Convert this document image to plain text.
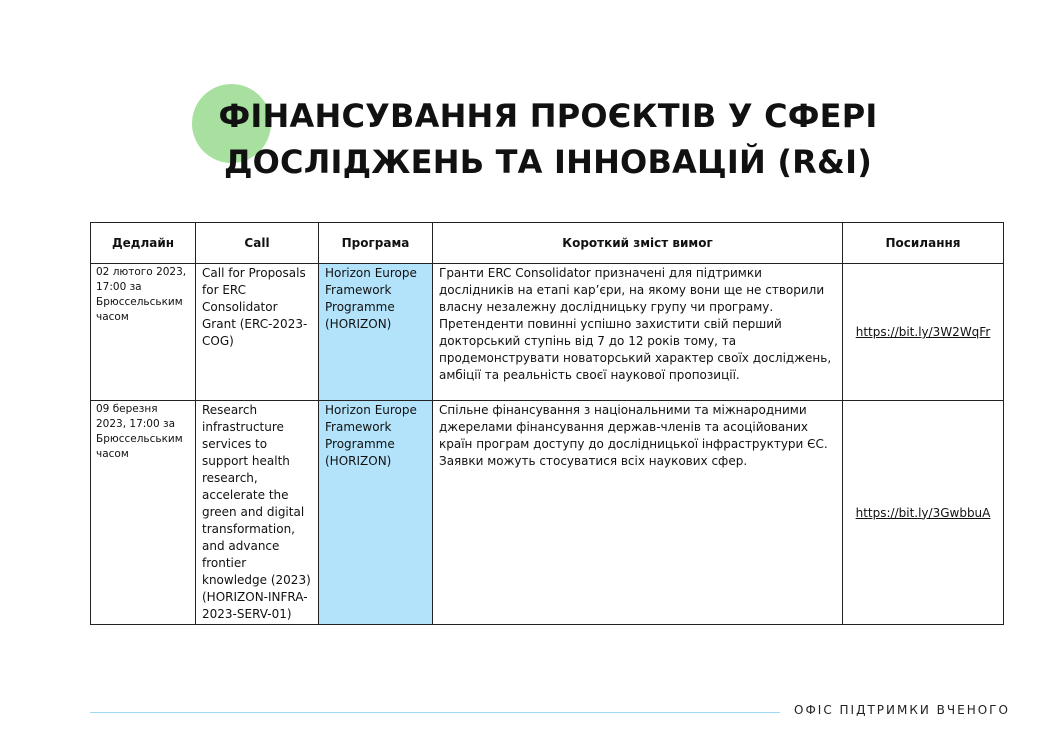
ФІНАНСУВАННЯ ПРОЄКТІВ У СФЕРІ
ДОСЛІДЖЕНЬ ТА ІННОВАЦІЙ (R&I)
Дедлайн	Call	Програма	Короткий зміст вимог	Посилання
02 лютого 2023, 17:00 за Брюссельським часом	Call for Proposals for ERC Consolidator Grant (ERC-2023-COG)	Horizon Europe Framework Programme (HORIZON)	Гранти ERC Consolidator призначені для підтримки дослідників на етапі кар’єри, на якому вони ще не створили власну незалежну дослідницьку групу чи програму. Претенденти повинні успішно захистити свій перший докторський ступінь від 7 до 12 років тому, та продемонструвати новаторський характер своїх досліджень, амбіції та реальність своєї наукової пропозиції.	https://bit.ly/3W2WqFr
09 березня 2023, 17:00 за Брюссельським часом	Research infrastructure services to support health research, accelerate the green and digital transformation, and advance frontier knowledge (2023) (HORIZON-INFRA-2023-SERV-01)	Horizon Europe Framework Programme (HORIZON)	Спільне фінансування з національними та міжнародними джерелами фінансування держав-членів та асоційованих країн програм доступу до дослідницької інфраструктури ЄС. Заявки можуть стосуватися всіх наукових сфер.	https://bit.ly/3GwbbuA
ОФІС ПІДТРИМКИ ВЧЕНОГО
